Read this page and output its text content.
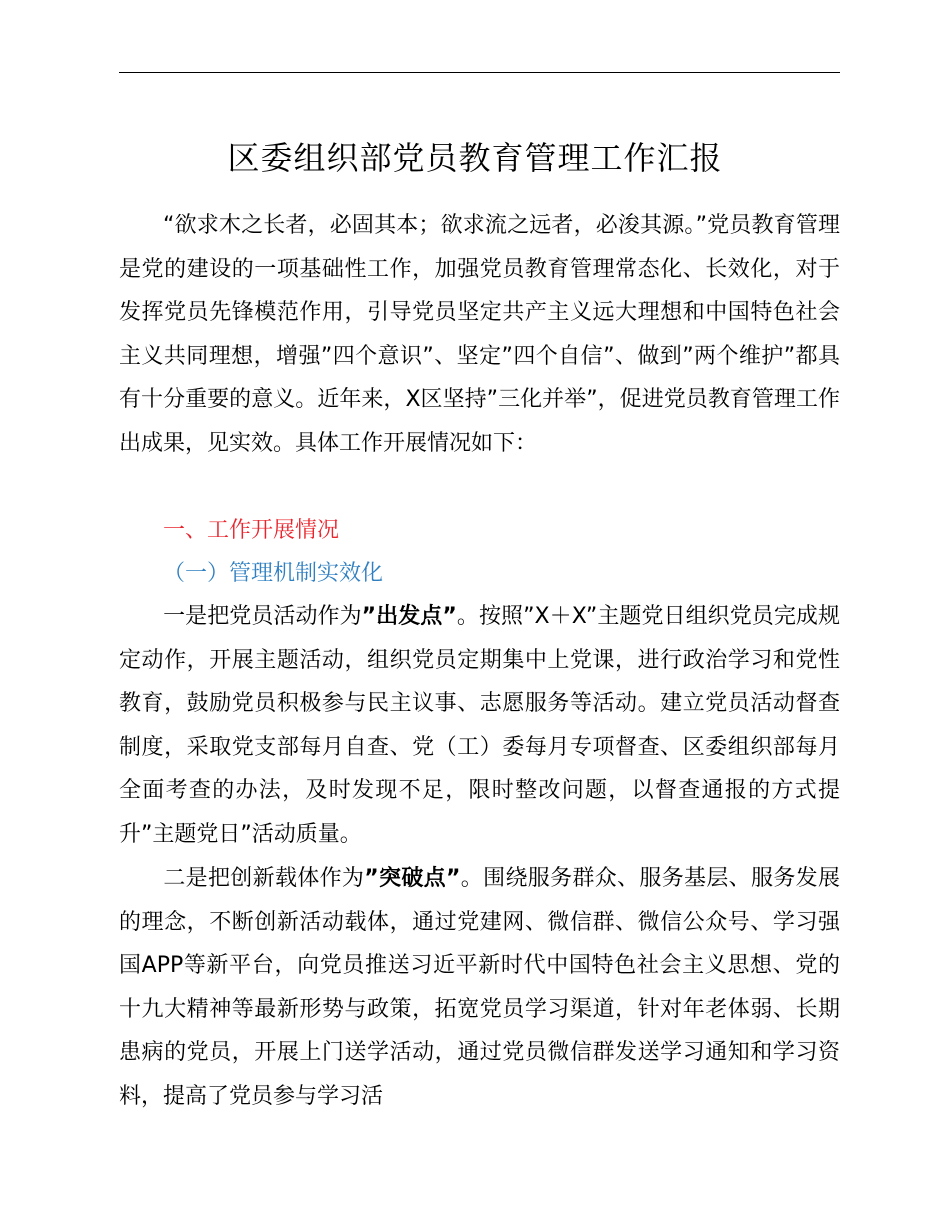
区委组织部党员教育管理工作汇报
“欲求木之长者，必固其本；欲求流之远者，必浚其源。”党员教育管理是党的建设的一项基础性工作，加强党员教育管理常态化、长效化，对于发挥党员先锋模范作用，引导党员坚定共产主义远大理想和中国特色社会主义共同理想，增强”四个意识”、坚定”四个自信”、做到”两个维护”都具有十分重要的意义。近年来，X区坚持”三化并举”，促进党员教育管理工作出成果，见实效。具体工作开展情况如下：
一、工作开展情况
（一）管理机制实效化
一是把党员活动作为”出发点”。按照”X＋X”主题党日组织党员完成规定动作，开展主题活动，组织党员定期集中上党课，进行政治学习和党性教育，鼓励党员积极参与民主议事、志愿服务等活动。建立党员活动督查制度，采取党支部每月自查、党（工）委每月专项督查、区委组织部每月全面考查的办法，及时发现不足，限时整改问题，以督查通报的方式提升”主题党日”活动质量。
二是把创新载体作为”突破点”。围绕服务群众、服务基层、服务发展的理念，不断创新活动载体，通过党建网、微信群、微信公众号、学习强国APP等新平台，向党员推送习近平新时代中国特色社会主义思想、党的十九大精神等最新形势与政策，拓宽党员学习渠道，针对年老体弱、长期患病的党员，开展上门送学活动，通过党员微信群发送学习通知和学习资料，提高了党员参与学习活
